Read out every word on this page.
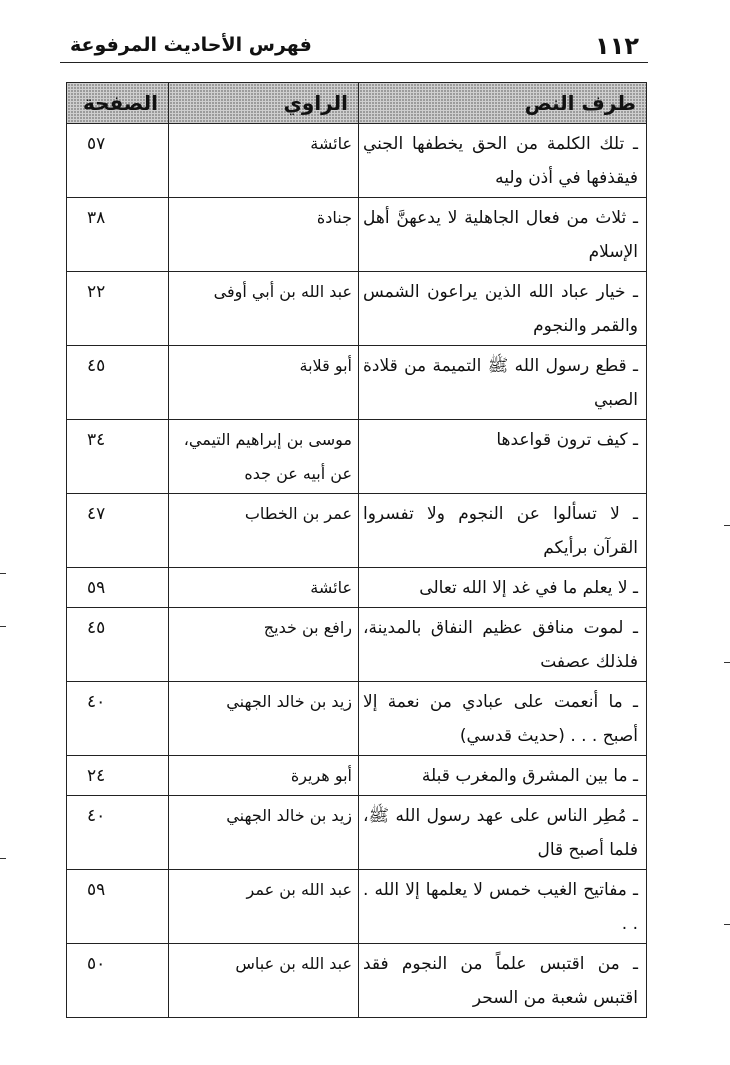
١١٢
فهرس الأحاديث المرفوعة
طرف النص	الراوي	الصفحة

ـ تلك الكلمة من الحق يخطفها الجني فيقذفها في أذن وليه	عائشة	٥٧

ـ ثلاث من فعال الجاهلية لا يدعهنَّ أهل الإسلام	جنادة	٣٨

ـ خيار عباد الله الذين يراعون الشمس والقمر والنجوم	عبد الله بن أبي أوفى	٢٢

ـ قطع رسول الله ﷺ التميمة من قلادة الصبي	أبو قلابة	٤٥

ـ كيف ترون قواعدها	موسى بن إبراهيم التيمي، عن أبيه عن جده	٣٤

ـ لا تسألوا عن النجوم ولا تفسروا القرآن برأيكم	عمر بن الخطاب	٤٧

ـ لا يعلم ما في غد إلا الله تعالى	عائشة	٥٩

ـ لموت منافق عظيم النفاق بالمدينة، فلذلك عصفت	رافع بن خديج	٤٥

ـ ما أنعمت على عبادي من نعمة إلا أصبح . . . (حديث قدسي)	زيد بن خالد الجهني	٤٠

ـ ما بين المشرق والمغرب قبلة	أبو هريرة	٢٤

ـ مُطِر الناس على عهد رسول الله ﷺ، فلما أصبح قال	زيد بن خالد الجهني	٤٠

ـ مفاتيح الغيب خمس لا يعلمها إلا الله . . .	عبد الله بن عمر	٥٩

ـ من اقتبس علماً من النجوم فقد اقتبس شعبة من السحر	عبد الله بن عباس	٥٠
